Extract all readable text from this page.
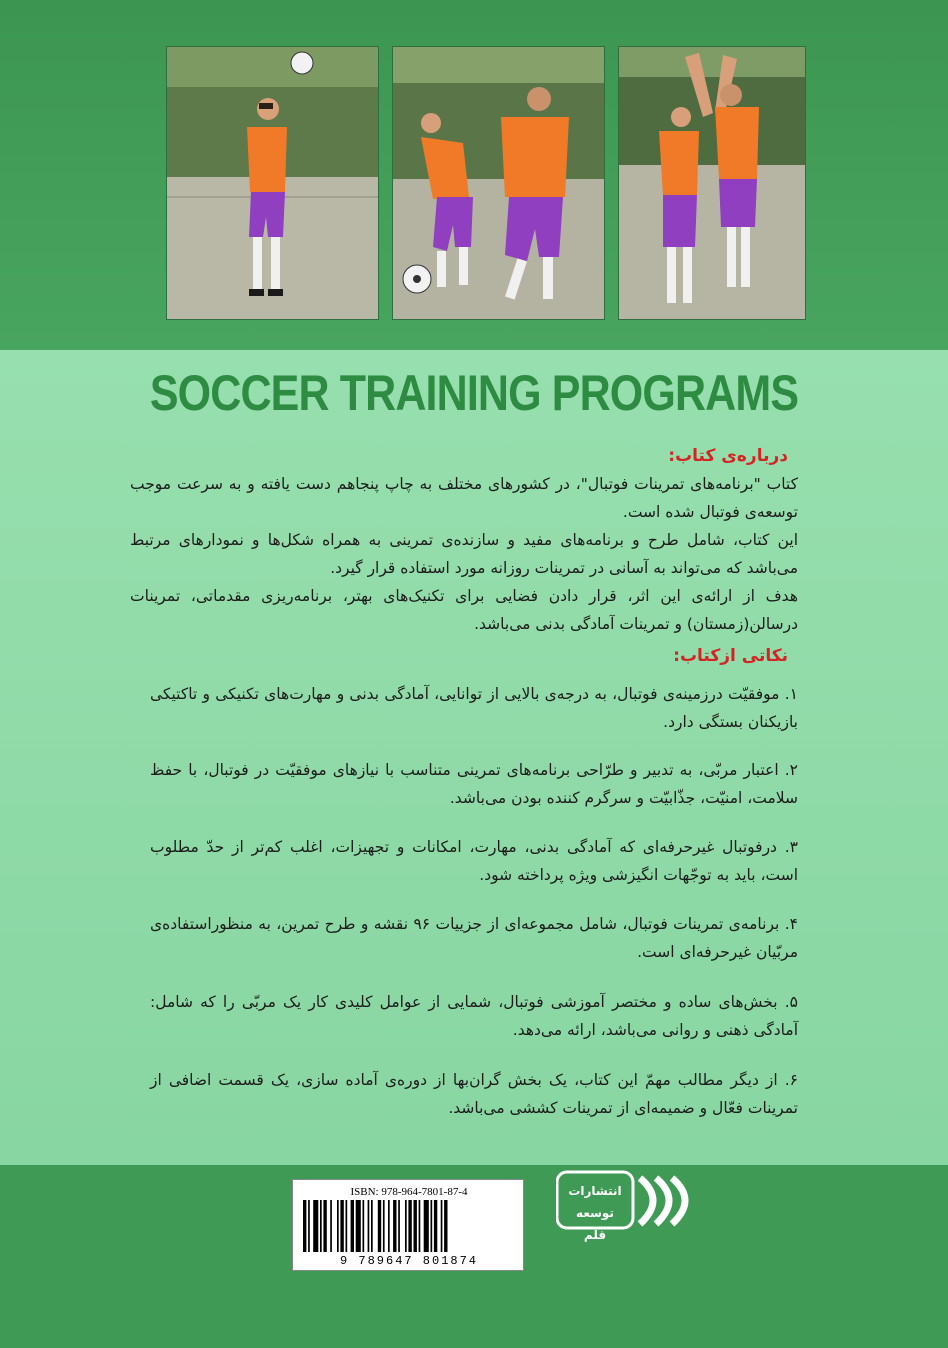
SOCCER TRAINING PROGRAMS
درباره‌ی کتاب:
کتاب "برنامه‌های تمرینات فوتبال"، در کشورهای مختلف به چاپ پنجاهم دست یافته و به سرعت موجب توسعه‌ی فوتبال شده است.
این کتاب، شامل طرح و برنامه‌های مفید و سازنده‌ی تمرینی به همراه شکل‌ها و نمودارهای مرتبط می‌باشد که می‌تواند به آسانی در تمرینات روزانه مورد استفاده قرار گیرد.
هدف از ارائه‌ی این اثر، قرار دادن فضایی برای تکنیک‌های بهتر، برنامه‌ریزی مقدماتی، تمرینات درسالن(زمستان) و تمرینات آمادگی بدنی می‌باشد.
نکاتی ازکتاب:
۱. موفقیّت درزمینه‌ی فوتبال، به درجه‌ی بالایی از توانایی، آمادگی بدنی و مهارت‌های تکنیکی و تاکتیکی بازیکنان بستگی دارد.
۲. اعتبار مربّی، به تدبیر و طرّاحی برنامه‌های تمرینی متناسب با نیازهای موفقیّت در فوتبال، با حفظ سلامت، امنیّت، جذّابیّت و سرگرم کننده بودن می‌باشد.
۳. درفوتبال غیرحرفه‌ای که آمادگی بدنی، مهارت، امکانات و تجهیزات، اغلب کم‌تر از حدّ مطلوب است، باید به توجّهات انگیزشی ویژه پرداخته شود.
۴. برنامه‌ی تمرینات فوتبال، شامل مجموعه‌ای از جزییات ۹۶ نقشه و طرح تمرین، به منظوراستفاده‌ی مربّیان غیرحرفه‌ای است.
۵. بخش‌های ساده و مختصر آموزشی فوتبال، شمایی از عوامل کلیدی کار یک مربّی را که شامل: آمادگی ذهنی و روانی می‌باشد، ارائه می‌دهد.
۶. از دیگر مطالب مهمّ این کتاب، یک بخش گران‌بها از دوره‌ی آماده سازی، یک قسمت اضافی از تمرینات فعّال و ضمیمه‌ای از تمرینات کششی می‌باشد.
ISBN: 978-964-7801-87-4
9 789647 801874
انتشارات
توسعه قلم
